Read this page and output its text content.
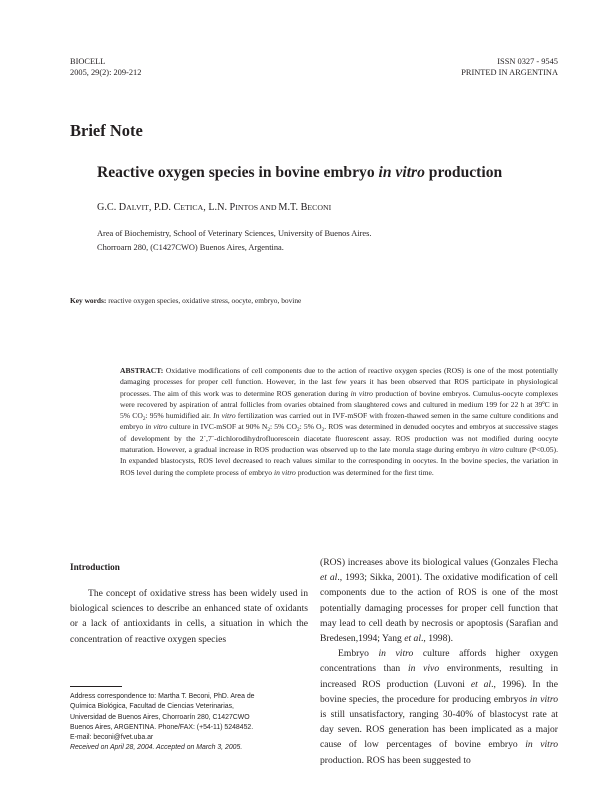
BIOCELL
2005, 29(2): 209-212
ISSN 0327 - 9545
PRINTED IN ARGENTINA
Brief Note
Reactive oxygen species in bovine embryo in vitro production
G.C. DALVIT, P.D. CETICA, L.N. PINTOS AND M.T. BECONI
Area of Biochemistry, School of Veterinary Sciences, University of Buenos Aires.
Chorroarn 280, (C1427CWO) Buenos Aires, Argentina.
Key words: reactive oxygen species, oxidative stress, oocyte, embryo, bovine
ABSTRACT: Oxidative modifications of cell components due to the action of reactive oxygen species (ROS) is one of the most potentially damaging processes for proper cell function. However, in the last few years it has been observed that ROS participate in physiological processes. The aim of this work was to determine ROS generation during in vitro production of bovine embryos. Cumulus-oocyte complexes were recovered by aspiration of antral follicles from ovaries obtained from slaughtered cows and cultured in medium 199 for 22 h at 39ºC in 5% $CO_2$: 95% humidified air. In vitro fertilization was carried out in IVF-mSOF with frozen-thawed semen in the same culture conditions and embryo in vitro culture in IVC-mSOF at 90% $N_2$: 5% $CO_2$: 5% $O_2$. ROS was determined in denuded oocytes and embryos at successive stages of development by the 2´,7´-dichlorodihydrofluorescein diacetate fluorescent assay. ROS production was not modified during oocyte maturation. However, a gradual increase in ROS production was observed up to the late morula stage during embryo in vitro culture (P<0.05). In expanded blastocysts, ROS level decreased to reach values similar to the corresponding in oocytes. In the bovine species, the variation in ROS level during the complete process of embryo in vitro production was determined for the first time.
Introduction

The concept of oxidative stress has been widely used in biological sciences to describe an enhanced state of oxidants or a lack of antioxidants in cells, a situation in which the concentration of reactive oxygen species

(ROS) increases above its biological values (Gonzales Flecha et al., 1993; Sikka, 2001). The oxidative modification of cell components due to the action of ROS is one of the most potentially damaging processes for proper cell function that may lead to cell death by necrosis or apoptosis (Sarafian and Bredesen,1994; Yang et al., 1998).

Embryo in vitro culture affords higher oxygen concentrations than in vivo environments, resulting in increased ROS production (Luvoni et al., 1996). In the bovine species, the procedure for producing embryos in vitro is still unsatisfactory, ranging 30-40% of blastocyst rate at day seven. ROS generation has been implicated as a major cause of low percentages of bovine embryo in vitro production. ROS has been suggested to

Address correspondence to: Martha T. Beconi, PhD. Area de
Química Biológica, Facultad de Ciencias Veterinarias,
Universidad de Buenos Aires, Chorroarín 280, C1427CWO
Buenos Aires, ARGENTINA. Phone/FAX: (+54-11) 5248452.
E-mail: beconi@fvet.uba.ar
Received on April 28, 2004. Accepted on March 3, 2005.
